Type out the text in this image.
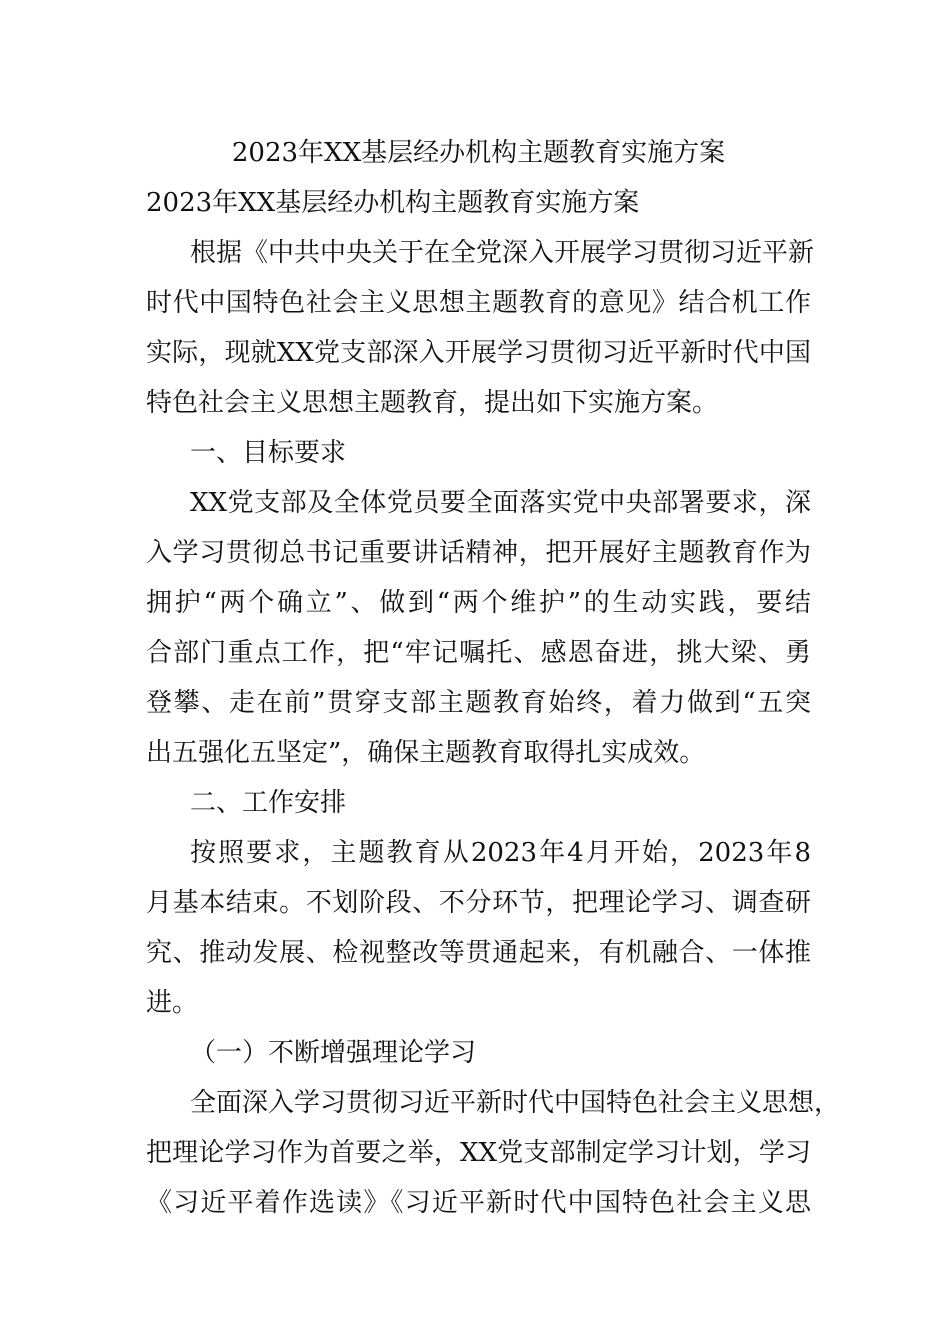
2023年XX基层经办机构主题教育实施方案
2023年XX基层经办机构主题教育实施方案
根据《中共中央关于在全党深入开展学习贯彻习近平新
时代中国特色社会主义思想主题教育的意见》结合机工作
实际，现就XX党支部深入开展学习贯彻习近平新时代中国
特色社会主义思想主题教育，提出如下实施方案。
一、目标要求
XX党支部及全体党员要全面落实党中央部署要求，深
入学习贯彻总书记重要讲话精神，把开展好主题教育作为
拥护“两个确立”、做到“两个维护”的生动实践，要结
合部门重点工作，把“牢记嘱托、感恩奋进，挑大梁、勇
登攀、走在前”贯穿支部主题教育始终，着力做到“五突
出五强化五坚定”，确保主题教育取得扎实成效。
二、工作安排
按照要求，主题教育从2023年4月开始，2023年8
月基本结束。不划阶段、不分环节，把理论学习、调查研
究、推动发展、检视整改等贯通起来，有机融合、一体推
进。
（一）不断增强理论学习
全面深入学习贯彻习近平新时代中国特色社会主义思想，
把理论学习作为首要之举，XX党支部制定学习计划，学习
《习近平着作选读》《习近平新时代中国特色社会主义思
